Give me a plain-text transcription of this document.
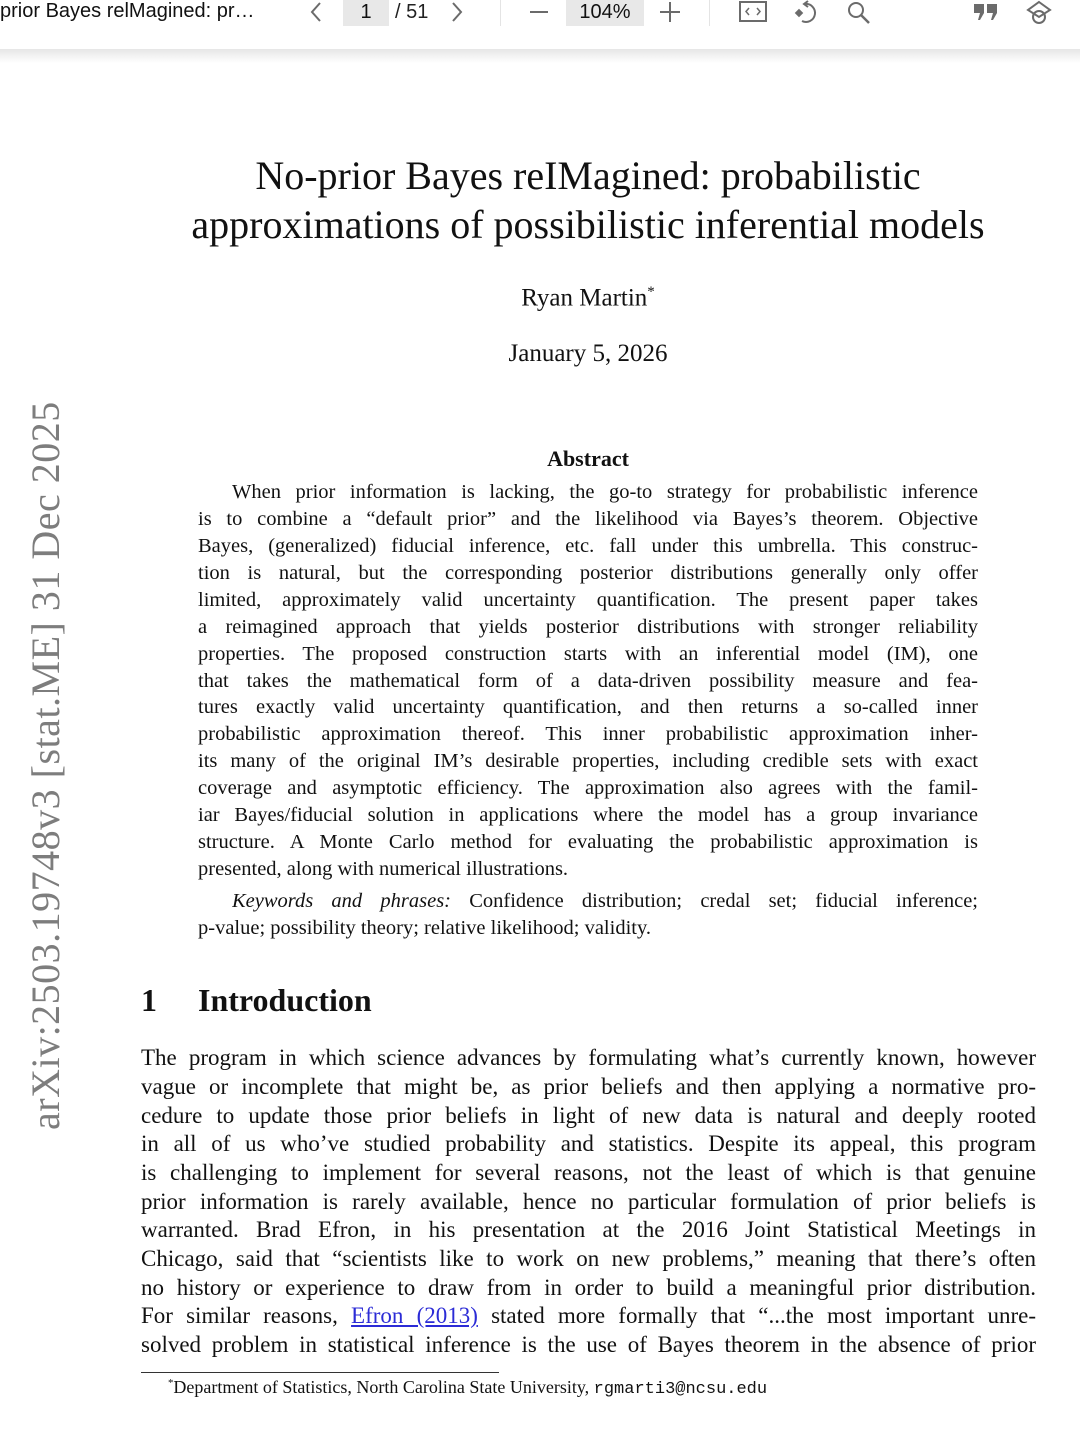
prior Bayes relMagined: pr…	1	/ 51	104%
arXiv:2503.19748v3 [stat.ME] 31 Dec 2025
No-prior Bayes reIMagined: probabilistic
approximations of possibilistic inferential models
Ryan Martin*
January 5, 2026
Abstract
When prior information is lacking, the go-to strategy for probabilistic inference
is to combine a “default prior” and the likelihood via Bayes’s theorem. Objective
Bayes, (generalized) fiducial inference, etc. fall under this umbrella. This construc-
tion is natural, but the corresponding posterior distributions generally only offer
limited, approximately valid uncertainty quantification. The present paper takes
a reimagined approach that yields posterior distributions with stronger reliability
properties. The proposed construction starts with an inferential model (IM), one
that takes the mathematical form of a data-driven possibility measure and fea-
tures exactly valid uncertainty quantification, and then returns a so-called inner
probabilistic approximation thereof. This inner probabilistic approximation inher-
its many of the original IM’s desirable properties, including credible sets with exact
coverage and asymptotic efficiency. The approximation also agrees with the famil-
iar Bayes/fiducial solution in applications where the model has a group invariance
structure. A Monte Carlo method for evaluating the probabilistic approximation is
presented, along with numerical illustrations.
Keywords and phrases: Confidence distribution; credal set; fiducial inference;
p-value; possibility theory; relative likelihood; validity.
1 Introduction
The program in which science advances by formulating what’s currently known, however
vague or incomplete that might be, as prior beliefs and then applying a normative pro-
cedure to update those prior beliefs in light of new data is natural and deeply rooted
in all of us who’ve studied probability and statistics. Despite its appeal, this program
is challenging to implement for several reasons, not the least of which is that genuine
prior information is rarely available, hence no particular formulation of prior beliefs is
warranted. Brad Efron, in his presentation at the 2016 Joint Statistical Meetings in
Chicago, said that “scientists like to work on new problems,” meaning that there’s often
no history or experience to draw from in order to build a meaningful prior distribution.
For similar reasons, Efron (2013) stated more formally that “...the most important unre-
solved problem in statistical inference is the use of Bayes theorem in the absence of prior
*Department of Statistics, North Carolina State University, rgmarti3@ncsu.edu
